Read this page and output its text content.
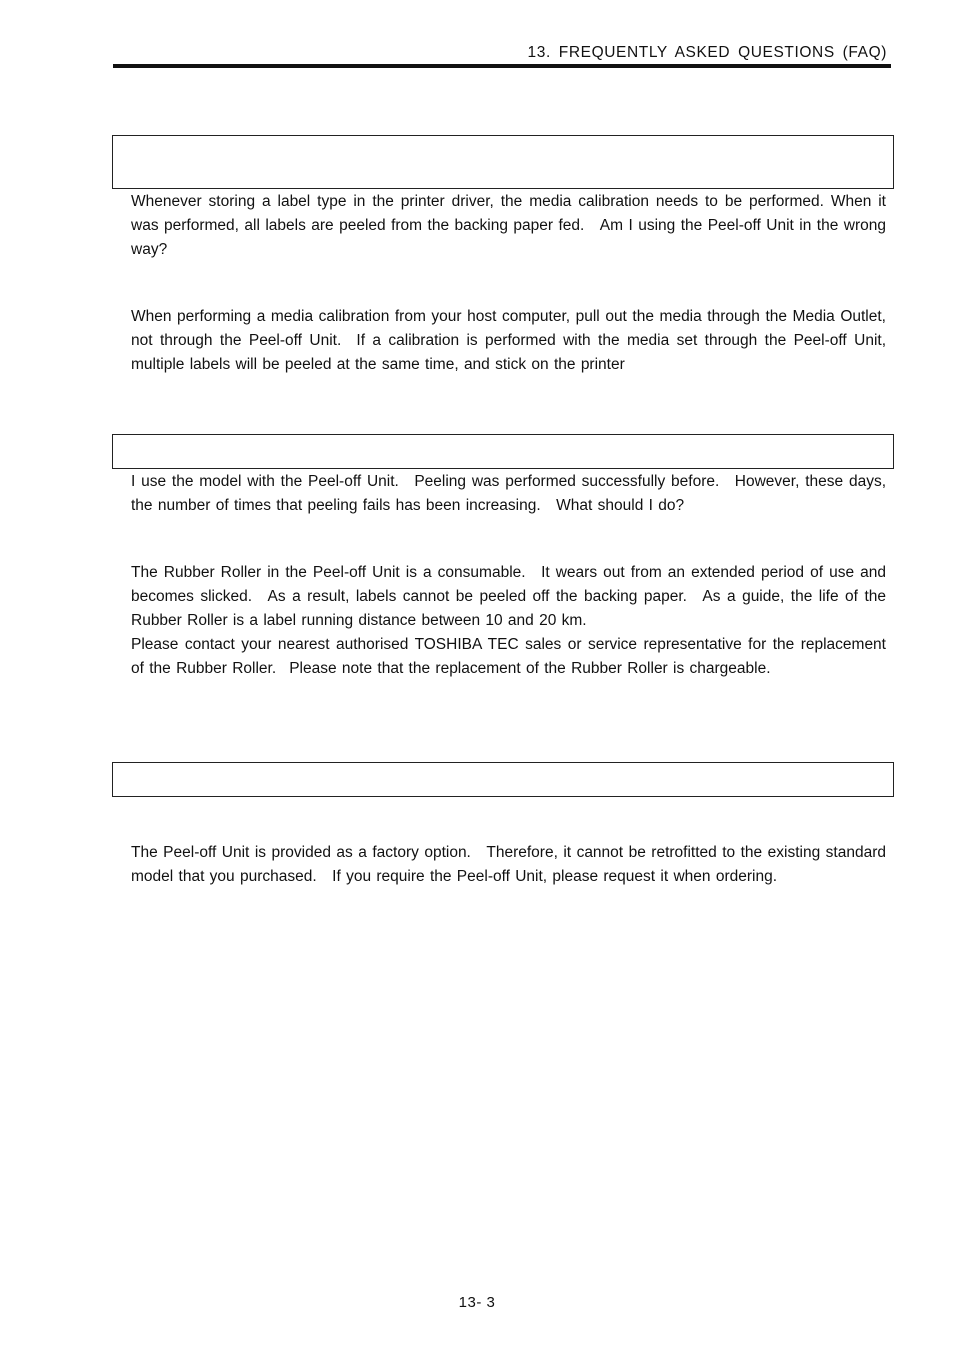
13. FREQUENTLY ASKED QUESTIONS (FAQ)

Whenever storing a label type in the printer driver, the media calibration needs to be performed. When it was performed, all labels are peeled from the backing paper fed. Am I using the Peel-off Unit in the wrong way?

When performing a media calibration from your host computer, pull out the media through the Media Outlet, not through the Peel-off Unit.  If a calibration is performed with the media set through the Peel-off Unit, multiple labels will be peeled at the same time, and stick on the printer

I use the model with the Peel-off Unit. Peeling was performed successfully before. However, these days, the number of times that peeling fails has been increasing. What should I do?

The Rubber Roller in the Peel-off Unit is a consumable. It wears out from an extended period of use and becomes slicked. As a result, labels cannot be peeled off the backing paper. As a guide, the life of the Rubber Roller is a label running distance between 10 and 20 km.

Please contact your nearest authorised TOSHIBA TEC sales or service representative for the replacement of the Rubber Roller.  Please note that the replacement of the Rubber Roller is chargeable.

The Peel-off Unit is provided as a factory option. Therefore, it cannot be retrofitted to the existing standard model that you purchased. If you require the Peel-off Unit, please request it when ordering.

13- 3
